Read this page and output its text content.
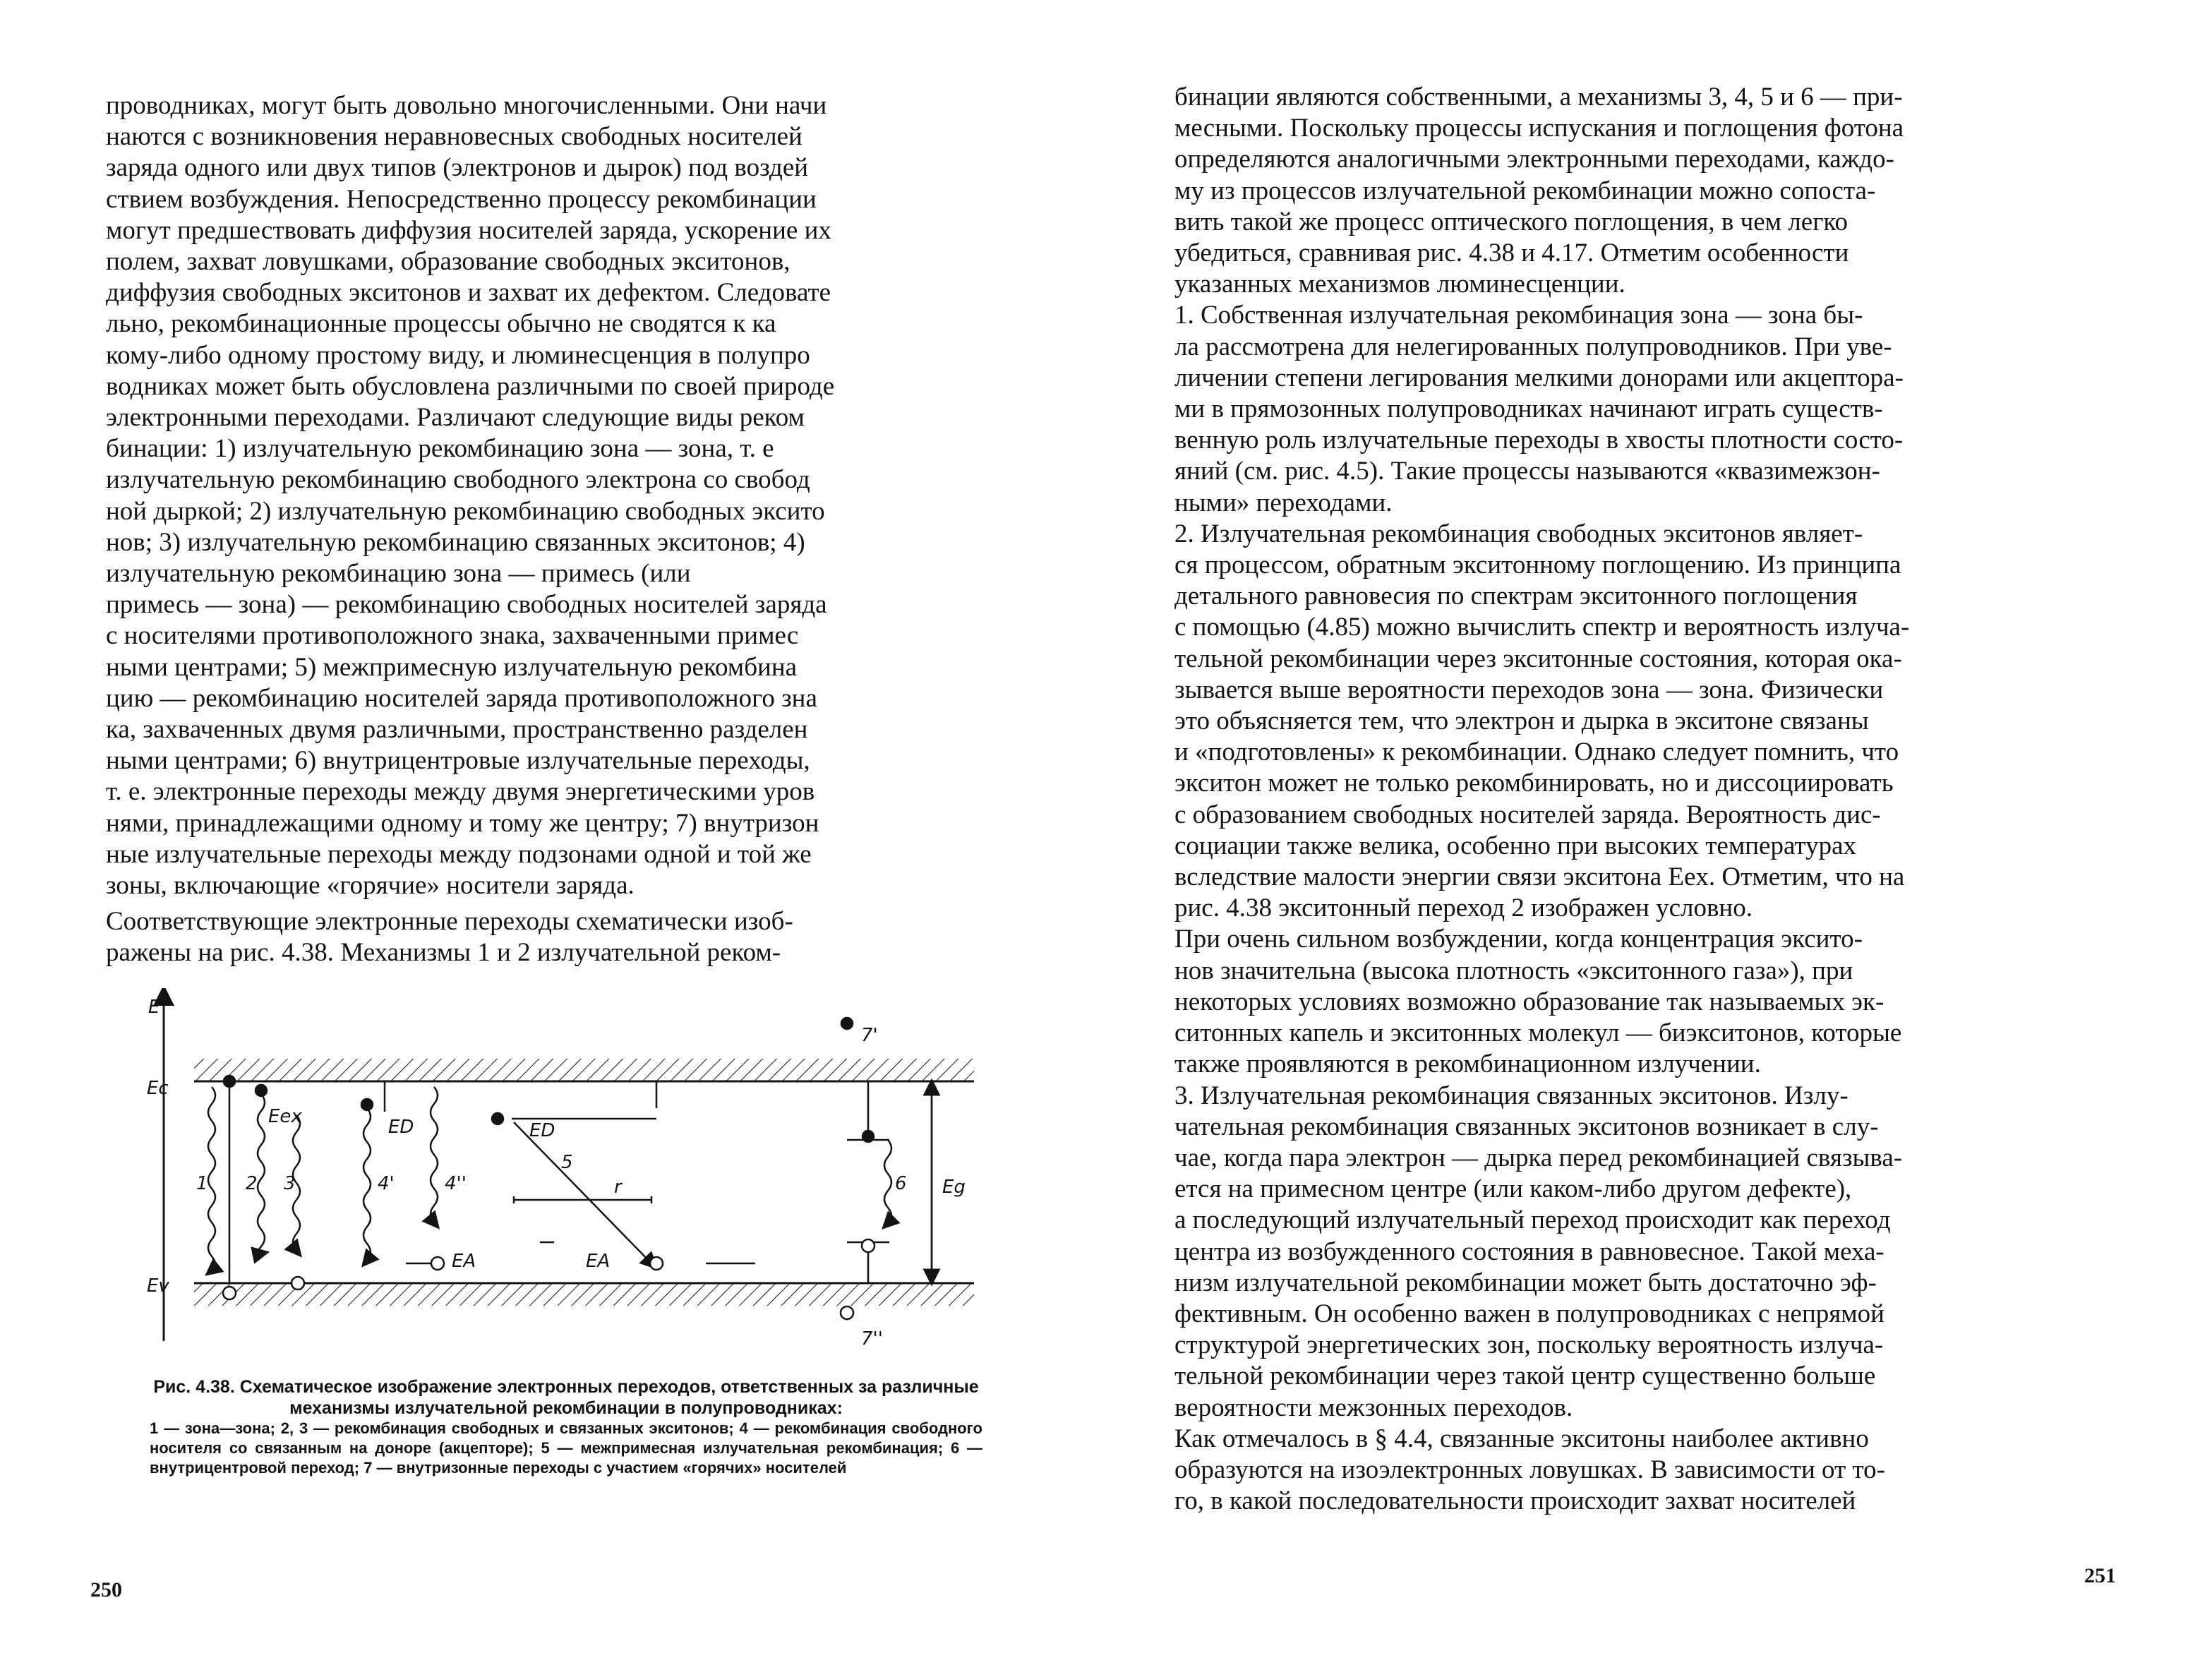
проводниках, могут быть довольно многочисленными. Они начи
наются с возникновения неравновесных свободных носителей
заряда одного или двух типов (электронов и дырок) под воздей
ствием возбуждения. Непосредственно процессу рекомбинации
могут предшествовать диффузия носителей заряда, ускорение их
полем, захват ловушками, образование свободных экситонов,
диффузия свободных экситонов и захват их дефектом. Следовате
льно, рекомбинационные процессы обычно не сводятся к ка
кому-либо одному простому виду, и люминесценция в полупро
водниках может быть обусловлена различными по своей природе
электронными переходами. Различают следующие виды реком
бинации: 1) излучательную рекомбинацию зона — зона, т. е
излучательную рекомбинацию свободного электрона со свобод
ной дыркой; 2) излучательную рекомбинацию свободных эксито
нов; 3) излучательную рекомбинацию связанных экситонов; 4)
излучательную рекомбинацию зона — примесь (или
примесь — зона) — рекомбинацию свободных носителей заряда
с носителями противоположного знака, захваченными примес
ными центрами; 5) межпримесную излучательную рекомбина
цию — рекомбинацию носителей заряда противоположного зна
ка, захваченных двумя различными, пространственно разделен
ными центрами; 6) внутрицентровые излучательные переходы,
т. е. электронные переходы между двумя энергетическими уров
нями, принадлежащими одному и тому же центру; 7) внутризон
ные излучательные переходы между подзонами одной и той же
зоны, включающие «горячие» носители заряда.
Соответствующие электронные переходы схематически изоб-
ражены на рис. 4.38. Механизмы 1 и 2 излучательной реком-
E
Ec
Ev
Eex	ED	ED
EA	EA
Eg
1 2 3	4'	4''
5
6
7'
7''
r
Рис. 4.38. Схематическое изображение электронных переходов, ответственных за различные механизмы излучательной рекомбинации в полупроводниках:
1 — зона—зона; 2, 3 — рекомбинация свободных и связанных экситонов; 4 — рекомбинация свободного носителя со связанным на доноре (акцепторе); 5 — межпримесная излучательная рекомбинация; 6 — внутрицентровой переход; 7 — внутризонные переходы с участием «горячих» носителей
250
бинации являются собственными, а механизмы 3, 4, 5 и 6 — при-
месными. Поскольку процессы испускания и поглощения фотона
определяются аналогичными электронными переходами, каждо-
му из процессов излучательной рекомбинации можно сопоста-
вить такой же процесс оптического поглощения, в чем легко
убедиться, сравнивая рис. 4.38 и 4.17. Отметим особенности
указанных механизмов люминесценции.
1. Собственная излучательная рекомбинация зона — зона бы-
ла рассмотрена для нелегированных полупроводников. При уве-
личении степени легирования мелкими донорами или акцептора-
ми в прямозонных полупроводниках начинают играть существ-
венную роль излучательные переходы в хвосты плотности состо-
яний (см. рис. 4.5). Такие процессы называются «квазимежзон-
ными» переходами.
2. Излучательная рекомбинация свободных экситонов являет-
ся процессом, обратным экситонному поглощению. Из принципа
детального равновесия по спектрам экситонного поглощения
с помощью (4.85) можно вычислить спектр и вероятность излуча-
тельной рекомбинации через экситонные состояния, которая ока-
зывается выше вероятности переходов зона — зона. Физически
это объясняется тем, что электрон и дырка в экситоне связаны
и «подготовлены» к рекомбинации. Однако следует помнить, что
экситон может не только рекомбинировать, но и диссоциировать
с образованием свободных носителей заряда. Вероятность дис-
социации также велика, особенно при высоких температурах
вследствие малости энергии связи экситона Eex. Отметим, что на
рис. 4.38 экситонный переход 2 изображен условно.
При очень сильном возбуждении, когда концентрация эксито-
нов значительна (высока плотность «экситонного газа»), при
некоторых условиях возможно образование так называемых эк-
ситонных капель и экситонных молекул — биэкситонов, которые
также проявляются в рекомбинационном излучении.
3. Излучательная рекомбинация связанных экситонов. Излу-
чательная рекомбинация связанных экситонов возникает в слу-
чае, когда пара электрон — дырка перед рекомбинацией связыва-
ется на примесном центре (или каком-либо другом дефекте),
а последующий излучательный переход происходит как переход
центра из возбужденного состояния в равновесное. Такой меха-
низм излучательной рекомбинации может быть достаточно эф-
фективным. Он особенно важен в полупроводниках с непрямой
структурой энергетических зон, поскольку вероятность излуча-
тельной рекомбинации через такой центр существенно больше
вероятности межзонных переходов.
Как отмечалось в § 4.4, связанные экситоны наиболее активно
образуются на изоэлектронных ловушках. В зависимости от то-
го, в какой последовательности происходит захват носителей
251
